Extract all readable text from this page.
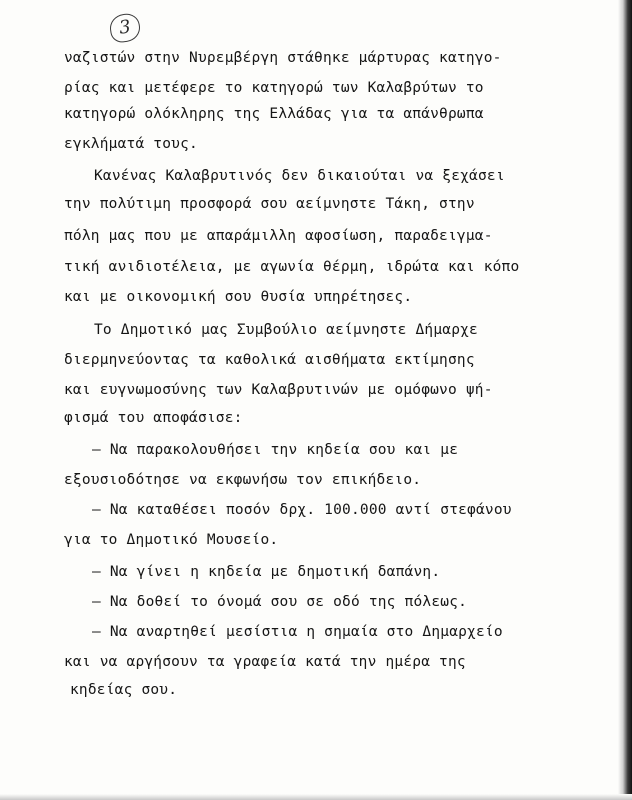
3
ναζιστών στην Νυρεμβέργη στάθηκε μάρτυρας κατηγο-
ρίας και μετέφερε το κατηγορώ των Καλαβρύτων το
κατηγορώ ολόκληρης της Ελλάδας για τα απάνθρωπα
εγκλήματά τους.
Κανένας Καλαβρυτινός δεν δικαιούται να ξεχάσει
την πολύτιμη προσφορά σου αείμνηστε Τάκη, στην
πόλη μας που με απαράμιλλη αφοσίωση, παραδειγμα-
τική ανιδιοτέλεια, με αγωνία θέρμη, ιδρώτα και κόπο
και με οικονομική σου θυσία υπηρέτησες.
Το Δημοτικό μας Συμβούλιο αείμνηστε Δήμαρχε
διερμηνεύοντας τα καθολικά αισθήματα εκτίμησης
και ευγνωμοσύνης των Καλαβρυτινών με ομόφωνο ψή-
φισμά του αποφάσισε:
– Να παρακολουθήσει την κηδεία σου και με
εξουσιοδότησε να εκφωνήσω τον επικήδειο.
– Να καταθέσει ποσόν δρχ. 100.000 αντί στεφάνου
για το Δημοτικό Μουσείο.
– Να γίνει η κηδεία με δημοτική δαπάνη.
– Να δοθεί το όνομά σου σε οδό της πόλεως.
– Να αναρτηθεί μεσίστια η σημαία στο Δημαρχείο
και να αργήσουν τα γραφεία κατά την ημέρα της
κηδείας σου.
